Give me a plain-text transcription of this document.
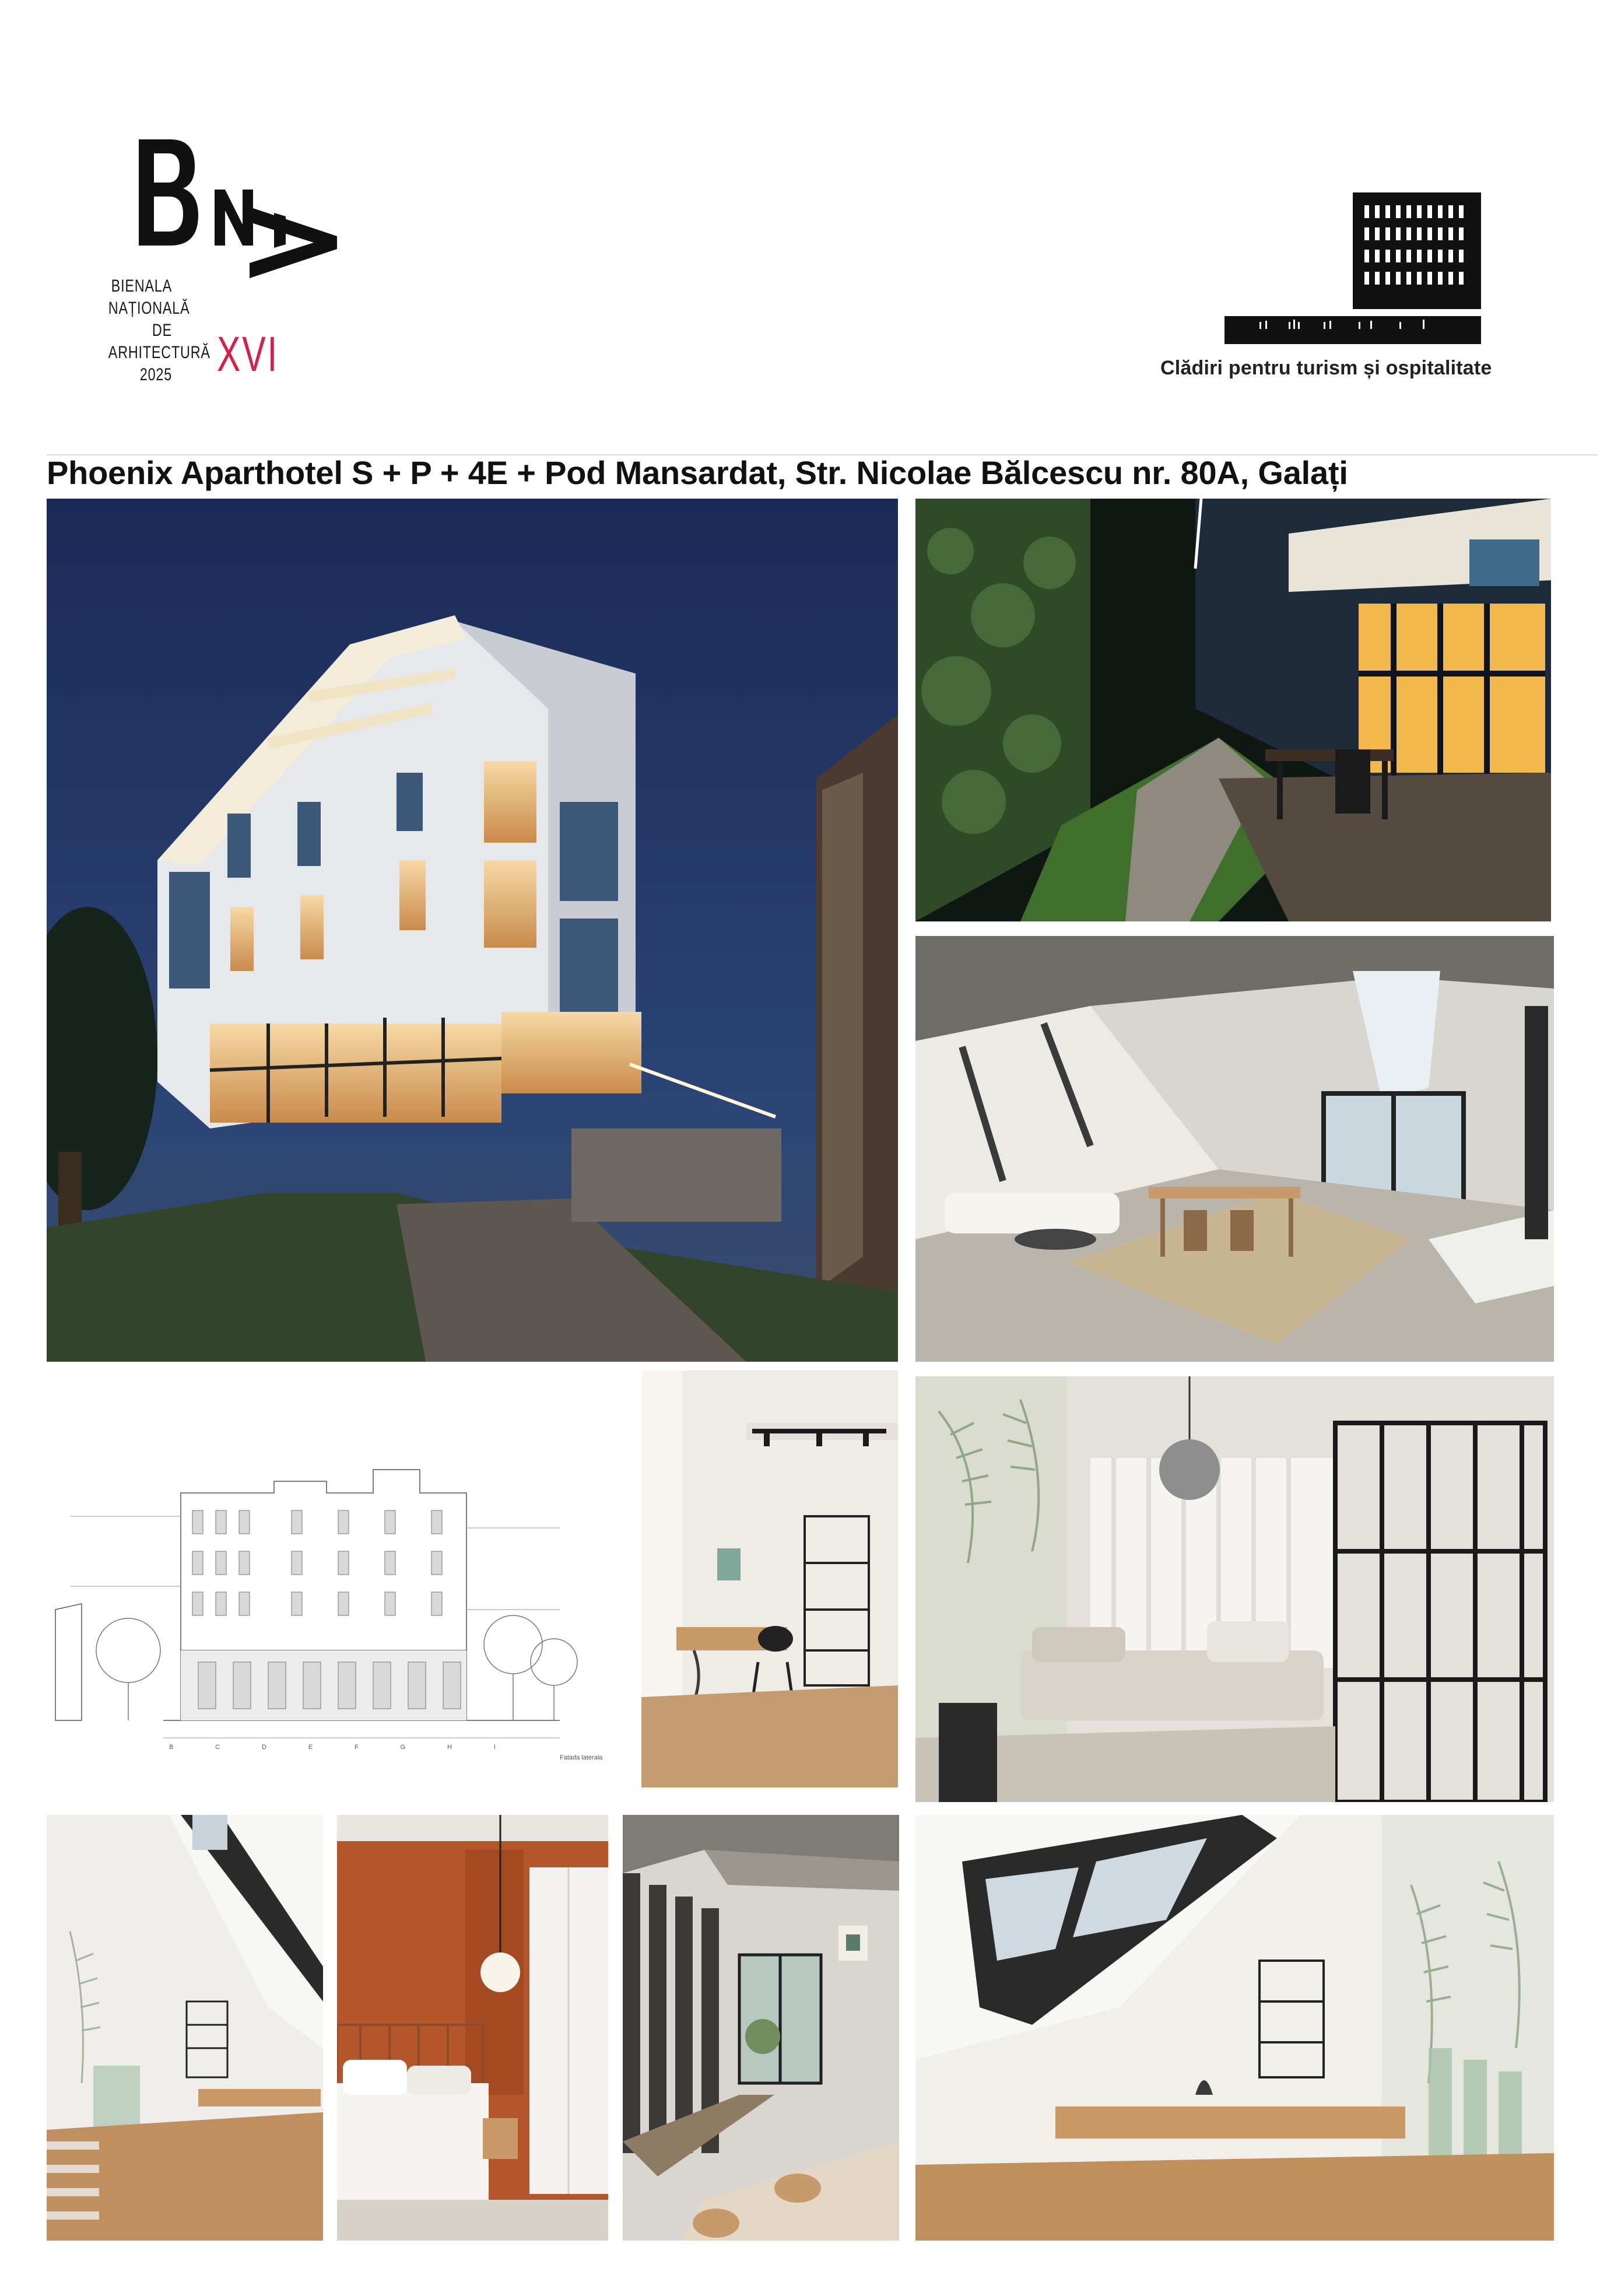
BIENALA
NAȚIONALĂ
DE
ARHITECTURĂ
2025 XVI	Clădiri pentru turism și ospitalitate
Phoenix Aparthotel S + P + 4E + Pod Mansardat, Str. Nicolae Bălcescu nr. 80A, Galați
B	C	D	E	F	G	H	I
Fatada laterala
